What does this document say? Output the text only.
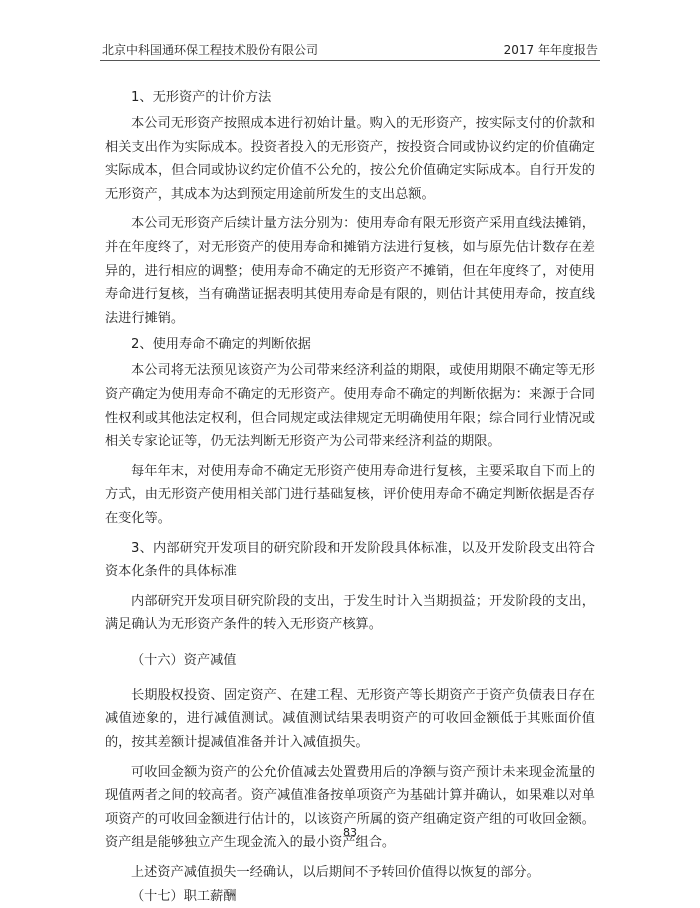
北京中科国通环保工程技术股份有限公司	2017 年年度报告

1、无形资产的计价方法

本公司无形资产按照成本进行初始计量。购入的无形资产，按实际支付的价款和相关支出作为实际成本。投资者投入的无形资产，按投资合同或协议约定的价值确定实际成本，但合同或协议约定价值不公允的，按公允价值确定实际成本。自行开发的无形资产，其成本为达到预定用途前所发生的支出总额。

本公司无形资产后续计量方法分别为：使用寿命有限无形资产采用直线法摊销，并在年度终了，对无形资产的使用寿命和摊销方法进行复核，如与原先估计数存在差异的，进行相应的调整；使用寿命不确定的无形资产不摊销，但在年度终了，对使用寿命进行复核，当有确凿证据表明其使用寿命是有限的，则估计其使用寿命，按直线法进行摊销。

2、使用寿命不确定的判断依据

本公司将无法预见该资产为公司带来经济利益的期限，或使用期限不确定等无形资产确定为使用寿命不确定的无形资产。使用寿命不确定的判断依据为：来源于合同性权利或其他法定权利，但合同规定或法律规定无明确使用年限；综合同行业情况或相关专家论证等，仍无法判断无形资产为公司带来经济利益的期限。

每年年末，对使用寿命不确定无形资产使用寿命进行复核，主要采取自下而上的方式，由无形资产使用相关部门进行基础复核，评价使用寿命不确定判断依据是否存在变化等。

3、内部研究开发项目的研究阶段和开发阶段具体标准，以及开发阶段支出符合资本化条件的具体标准

内部研究开发项目研究阶段的支出，于发生时计入当期损益；开发阶段的支出，满足确认为无形资产条件的转入无形资产核算。

（十六）资产减值

长期股权投资、固定资产、在建工程、无形资产等长期资产于资产负债表日存在减值迹象的，进行减值测试。减值测试结果表明资产的可收回金额低于其账面价值的，按其差额计提减值准备并计入减值损失。

可收回金额为资产的公允价值减去处置费用后的净额与资产预计未来现金流量的现值两者之间的较高者。资产减值准备按单项资产为基础计算并确认，如果难以对单项资产的可收回金额进行估计的，以该资产所属的资产组确定资产组的可收回金额。资产组是能够独立产生现金流入的最小资产组合。

上述资产减值损失一经确认，以后期间不予转回价值得以恢复的部分。

（十七）职工薪酬

83
